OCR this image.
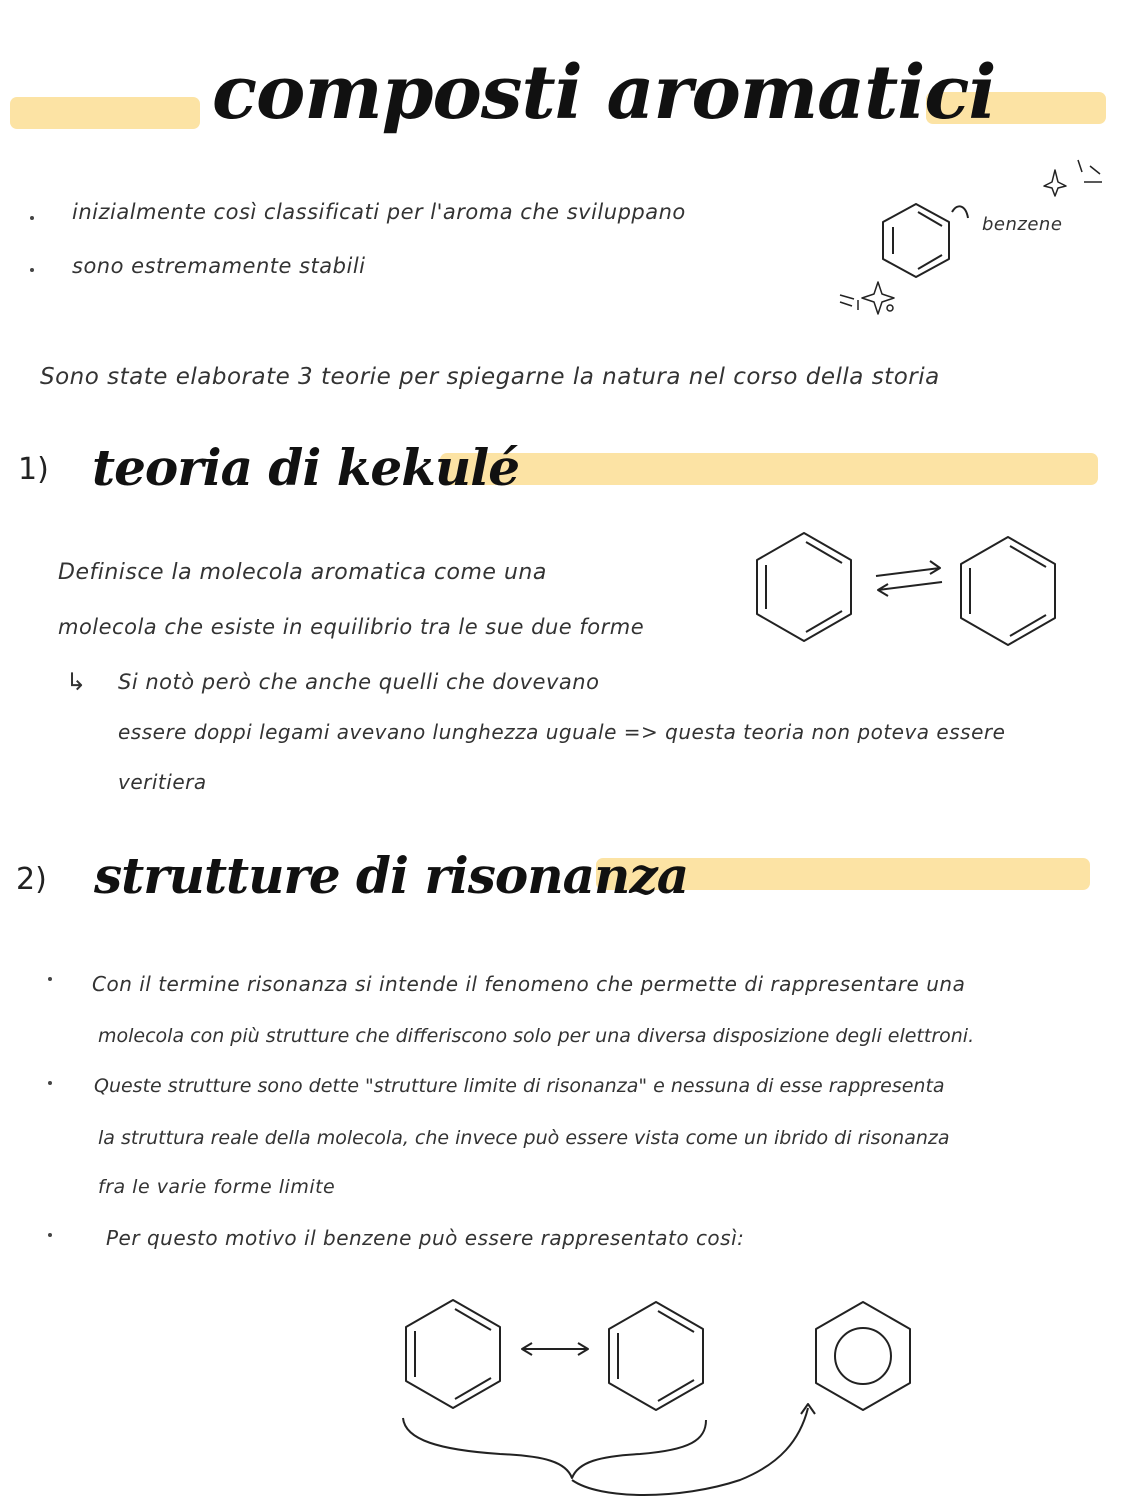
composti aromatici
inizialmente così classificati per l'aroma che sviluppano
sono estremamente stabili
benzene
Sono state elaborate 3 teorie per spiegarne la natura nel corso della storia
1) teoria di kekulé
Definisce la molecola aromatica come una
molecola che esiste in equilibrio tra le sue due forme
↳ Si notò però che anche quelli che dovevano
essere doppi legami avevano lunghezza uguale => questa teoria non poteva essere
veritiera
2) strutture di risonanza
Con il termine risonanza si intende il fenomeno che permette di rappresentare una
molecola con più strutture che differiscono solo per una diversa disposizione degli elettroni.
Queste strutture sono dette "strutture limite di risonanza" e nessuna di esse rappresenta
la struttura reale della molecola, che invece può essere vista come un ibrido di risonanza
fra le varie forme limite
Per questo motivo il benzene può essere rappresentato così:
